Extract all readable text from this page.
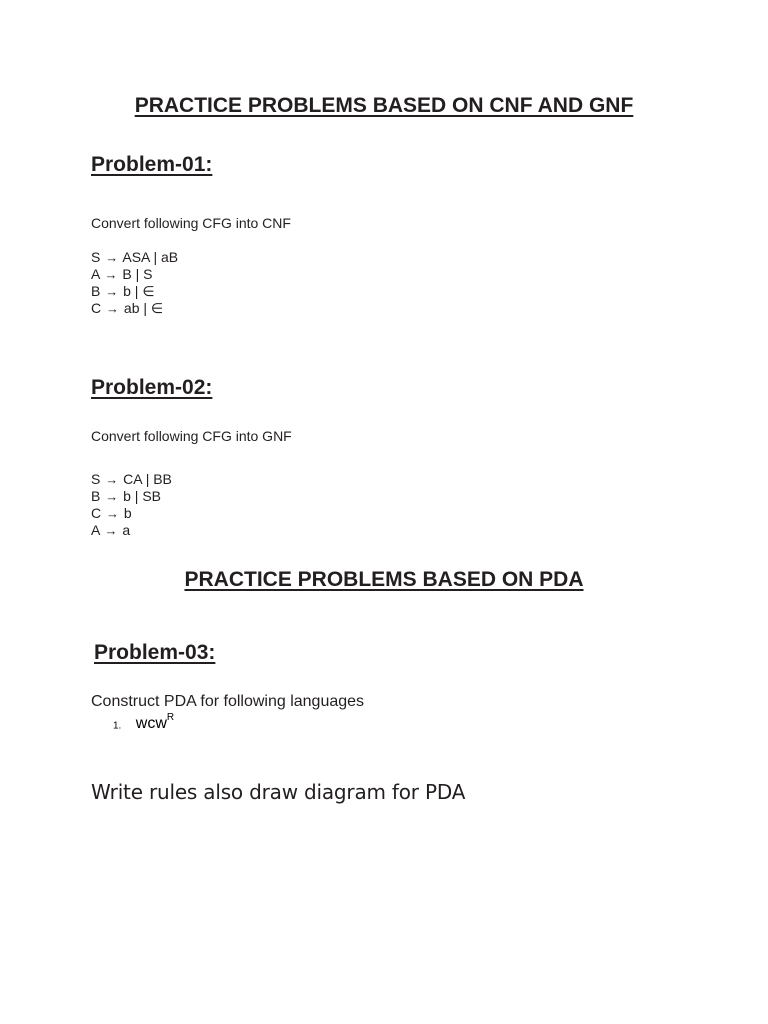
PRACTICE PROBLEMS BASED ON CNF AND GNF
Problem-01:
Convert following CFG into CNF
S → ASA | aB
A → B | S
B → b | ∈
C → ab | ∈
Problem-02:
Convert following CFG into GNF
S → CA | BB
B → b | SB
C → b
A → a
PRACTICE PROBLEMS BASED ON PDA
Problem-03:
Construct PDA for following languages
1. wcw$^R$
Write rules also draw diagram for PDA
